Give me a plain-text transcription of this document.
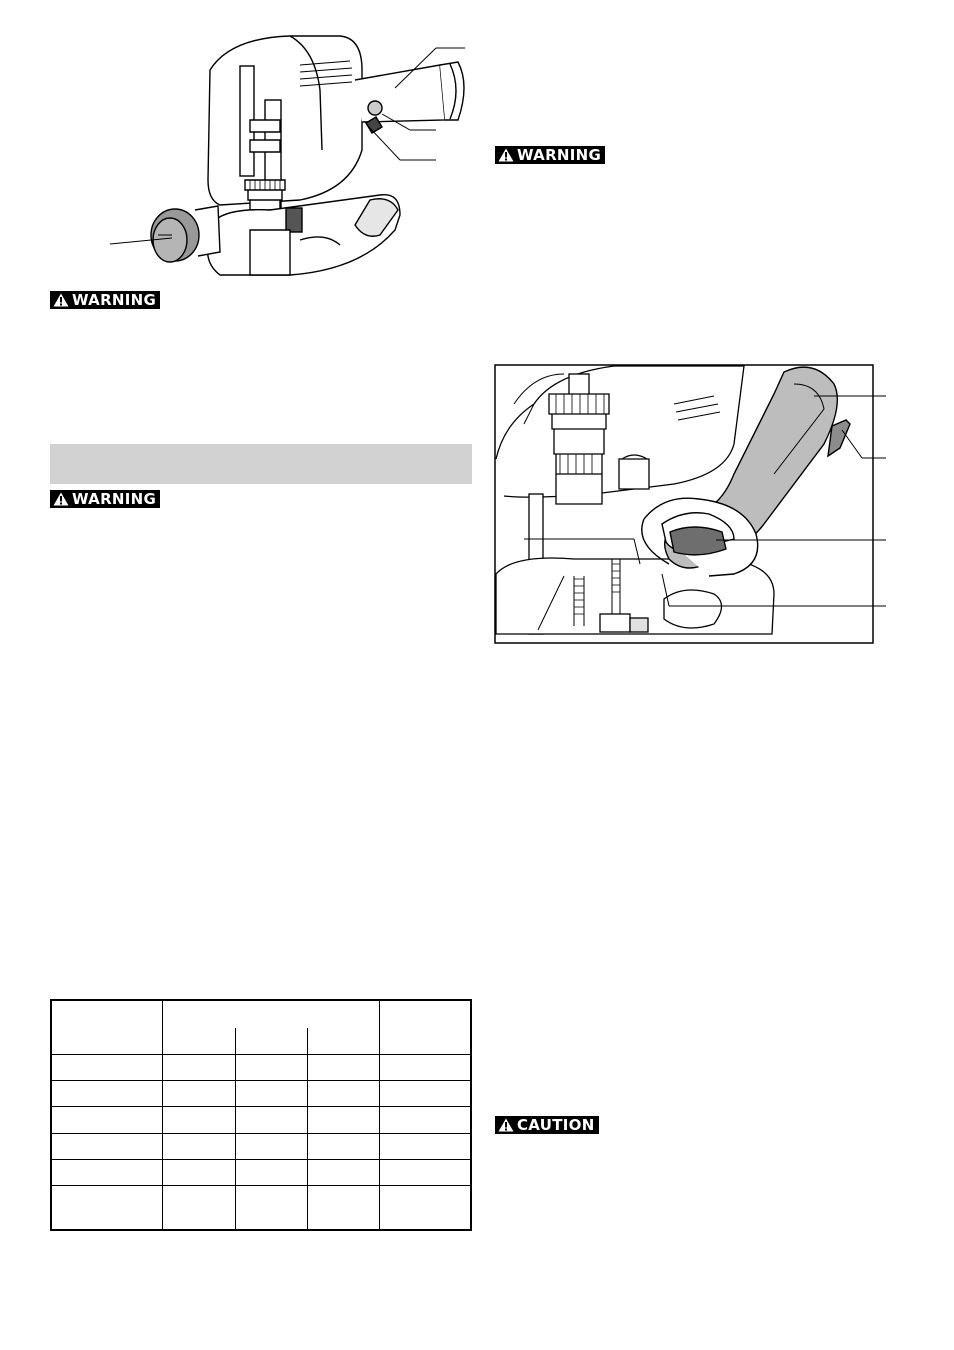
WARNING
WARNING
WARNING
CAUTION
